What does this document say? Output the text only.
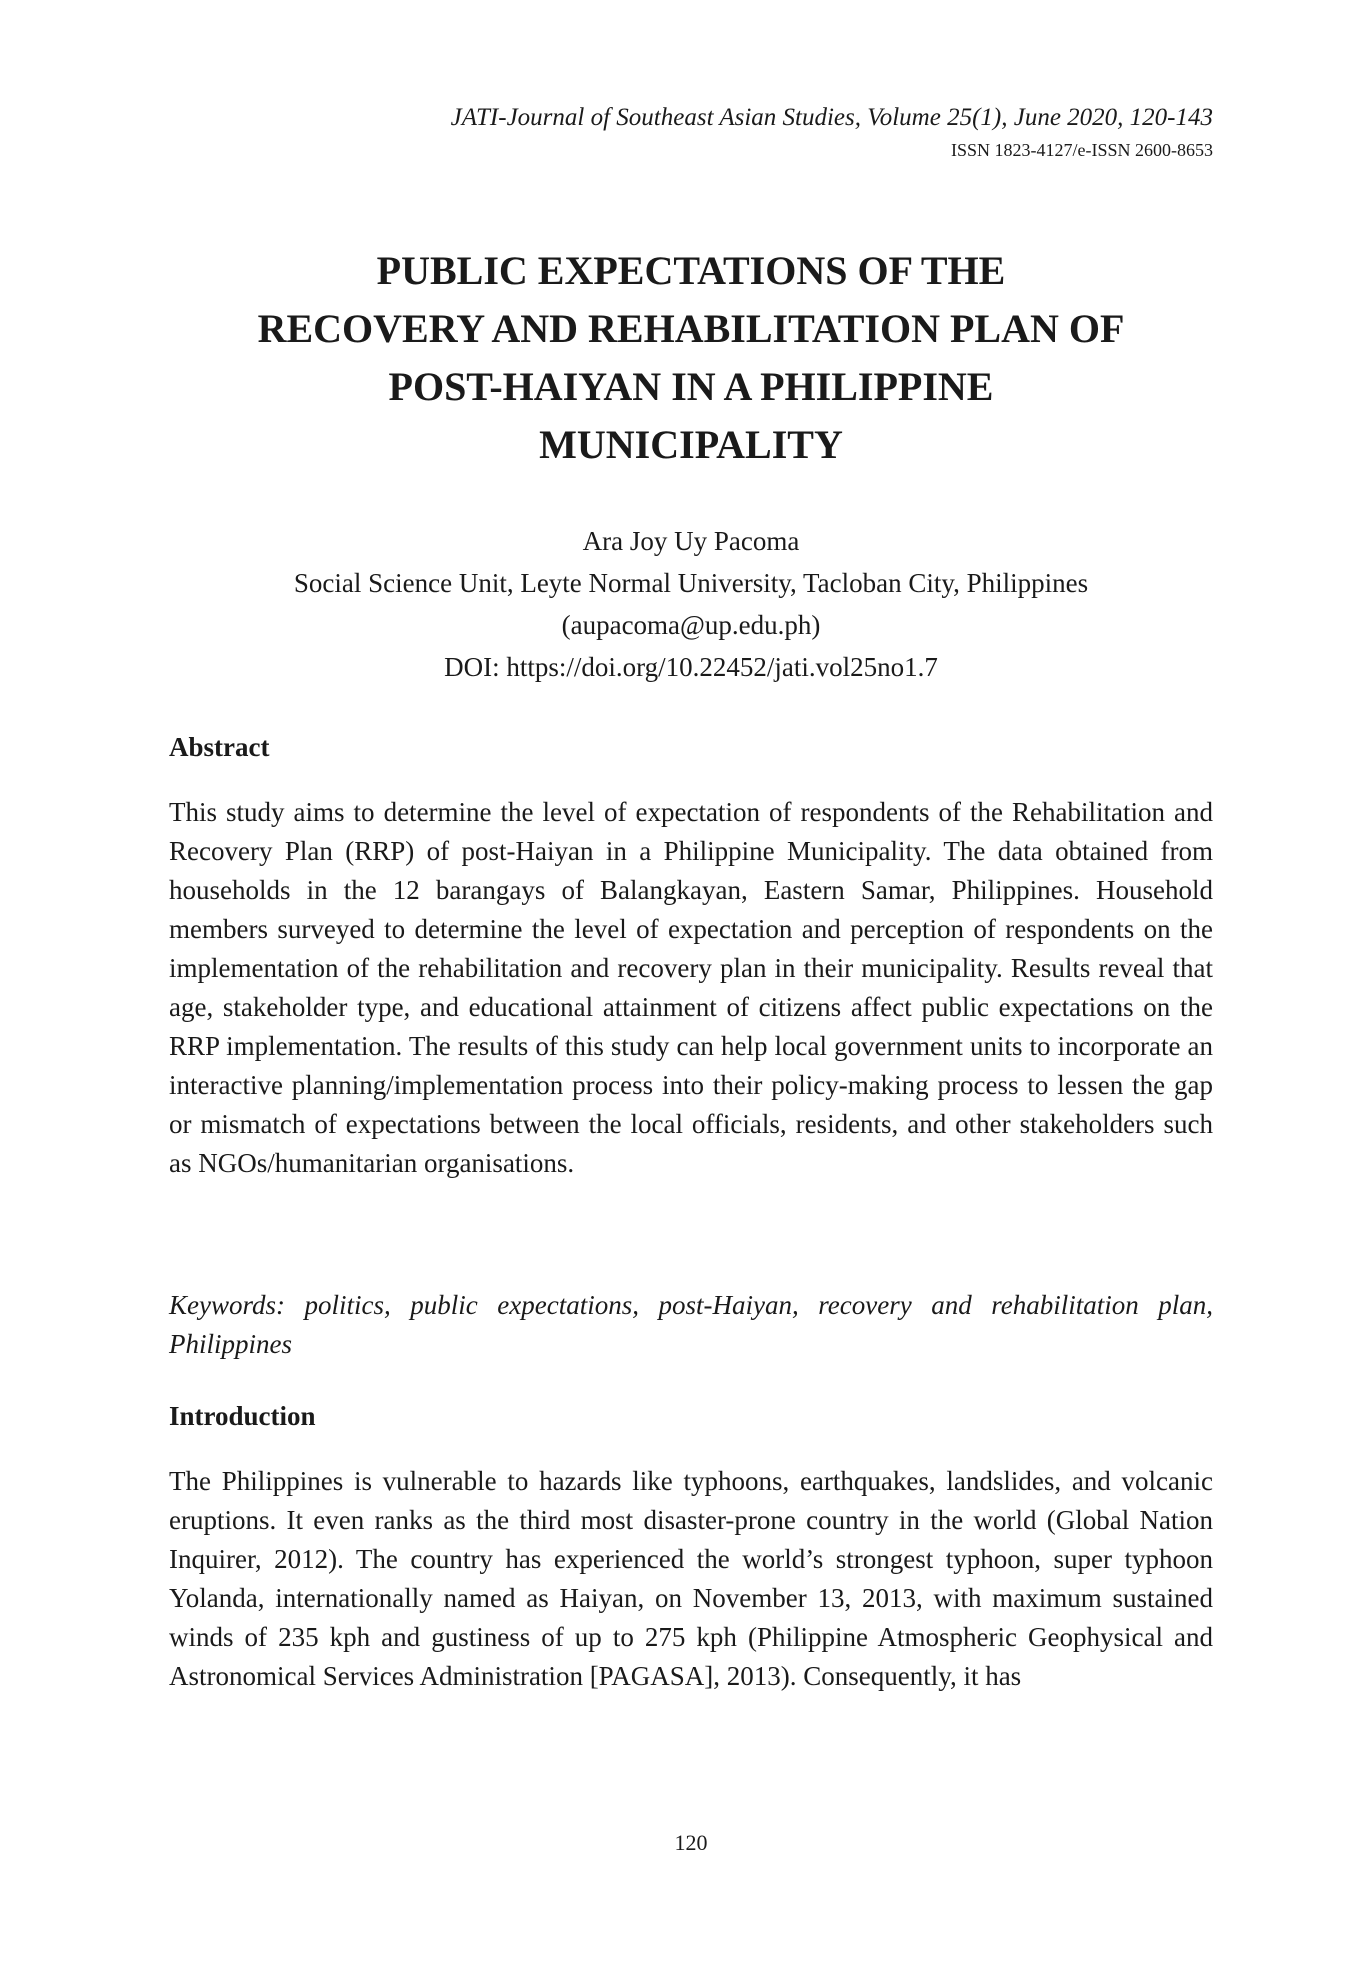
JATI-Journal of Southeast Asian Studies, Volume 25(1), June 2020, 120-143
ISSN 1823-4127/e-ISSN 2600-8653
PUBLIC EXPECTATIONS OF THE
RECOVERY AND REHABILITATION PLAN OF
POST-HAIYAN IN A PHILIPPINE
MUNICIPALITY
Ara Joy Uy Pacoma
Social Science Unit, Leyte Normal University, Tacloban City, Philippines
(aupacoma@up.edu.ph)
DOI: https://doi.org/10.22452/jati.vol25no1.7
Abstract

This study aims to determine the level of expectation of respondents of the Rehabilitation and Recovery Plan (RRP) of post-Haiyan in a Philippine Municipality. The data obtained from households in the 12 barangays of Balangkayan, Eastern Samar, Philippines. Household members surveyed to determine the level of expectation and perception of respondents on the implementation of the rehabilitation and recovery plan in their municipality. Results reveal that age, stakeholder type, and educational attainment of citizens affect public expectations on the RRP implementation. The results of this study can help local government units to incorporate an interactive planning/implementation process into their policy-making process to lessen the gap or mismatch of expectations between the local officials, residents, and other stakeholders such as NGOs/humanitarian organisations.

Keywords: politics, public expectations, post-Haiyan, recovery and rehabilitation plan, Philippines

Introduction

The Philippines is vulnerable to hazards like typhoons, earthquakes, landslides, and volcanic eruptions. It even ranks as the third most disaster-prone country in the world (Global Nation Inquirer, 2012). The country has experienced the world’s strongest typhoon, super typhoon Yolanda, internationally named as Haiyan, on November 13, 2013, with maximum sustained winds of 235 kph and gustiness of up to 275 kph (Philippine Atmospheric Geophysical and Astronomical Services Administration [PAGASA], 2013). Consequently, it has

120
